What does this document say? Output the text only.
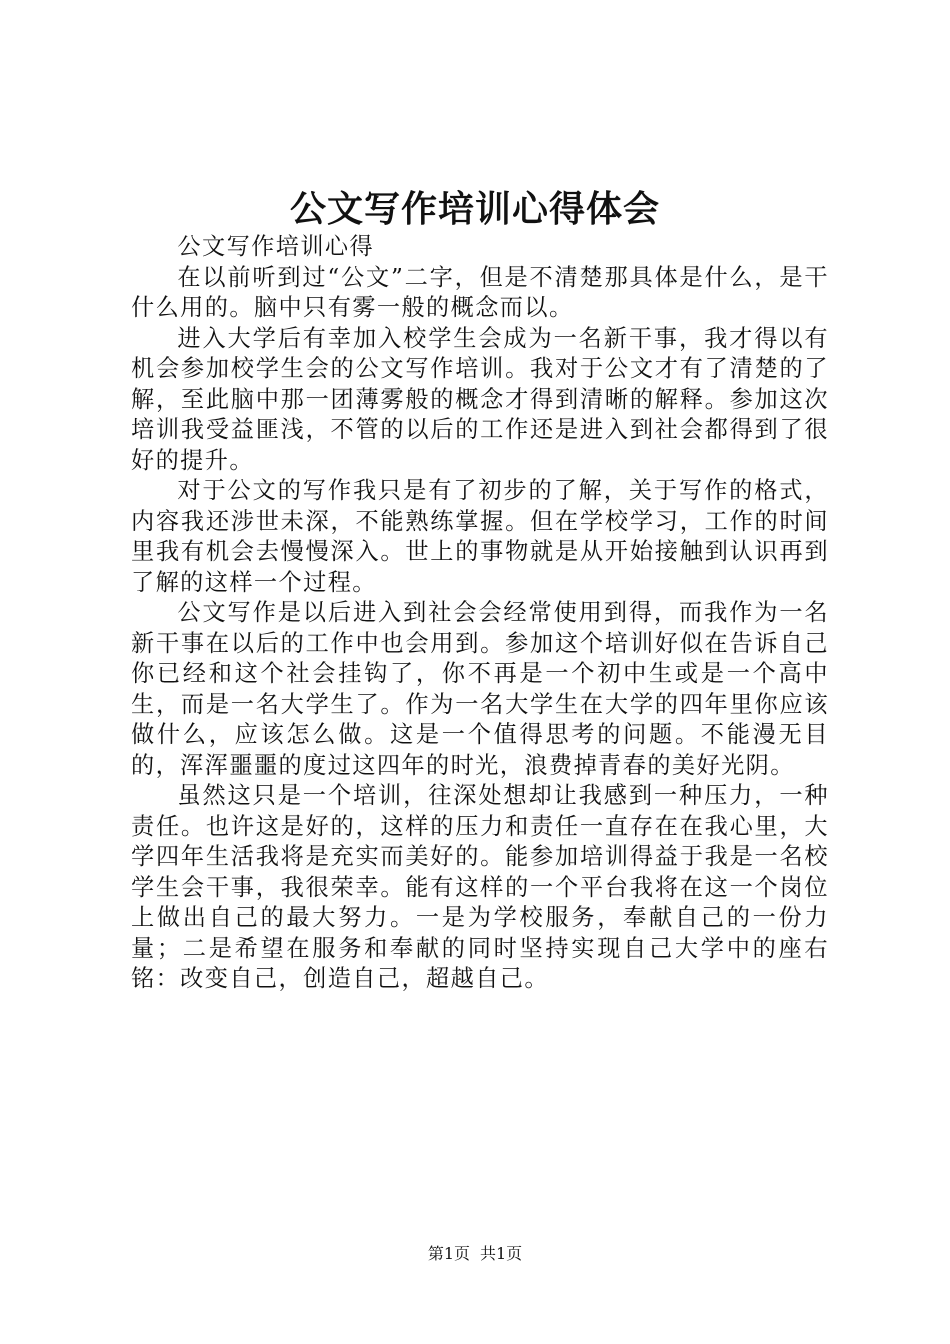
公文写作培训心得体会

公文写作培训心得

在以前听到过“公文”二字，但是不清楚那具体是什么，是干什么用的。脑中只有雾一般的概念而以。

进入大学后有幸加入校学生会成为一名新干事，我才得以有机会参加校学生会的公文写作培训。我对于公文才有了清楚的了解，至此脑中那一团薄雾般的概念才得到清晰的解释。参加这次培训我受益匪浅，不管的以后的工作还是进入到社会都得到了很好的提升。

对于公文的写作我只是有了初步的了解，关于写作的格式，内容我还涉世未深，不能熟练掌握。但在学校学习，工作的时间里我有机会去慢慢深入。世上的事物就是从开始接触到认识再到了解的这样一个过程。

公文写作是以后进入到社会会经常使用到得，而我作为一名新干事在以后的工作中也会用到。参加这个培训好似在告诉自己你已经和这个社会挂钩了，你不再是一个初中生或是一个高中生，而是一名大学生了。作为一名大学生在大学的四年里你应该做什么，应该怎么做。这是一个值得思考的问题。不能漫无目的，浑浑噩噩的度过这四年的时光，浪费掉青春的美好光阴。

虽然这只是一个培训，往深处想却让我感到一种压力，一种责任。也许这是好的，这样的压力和责任一直存在在我心里，大学四年生活我将是充实而美好的。能参加培训得益于我是一名校学生会干事，我很荣幸。能有这样的一个平台我将在这一个岗位上做出自己的最大努力。一是为学校服务，奉献自己的一份力量；二是希望在服务和奉献的同时坚持实现自己大学中的座右铭：改变自己，创造自己，超越自己。

第1页 共1页
